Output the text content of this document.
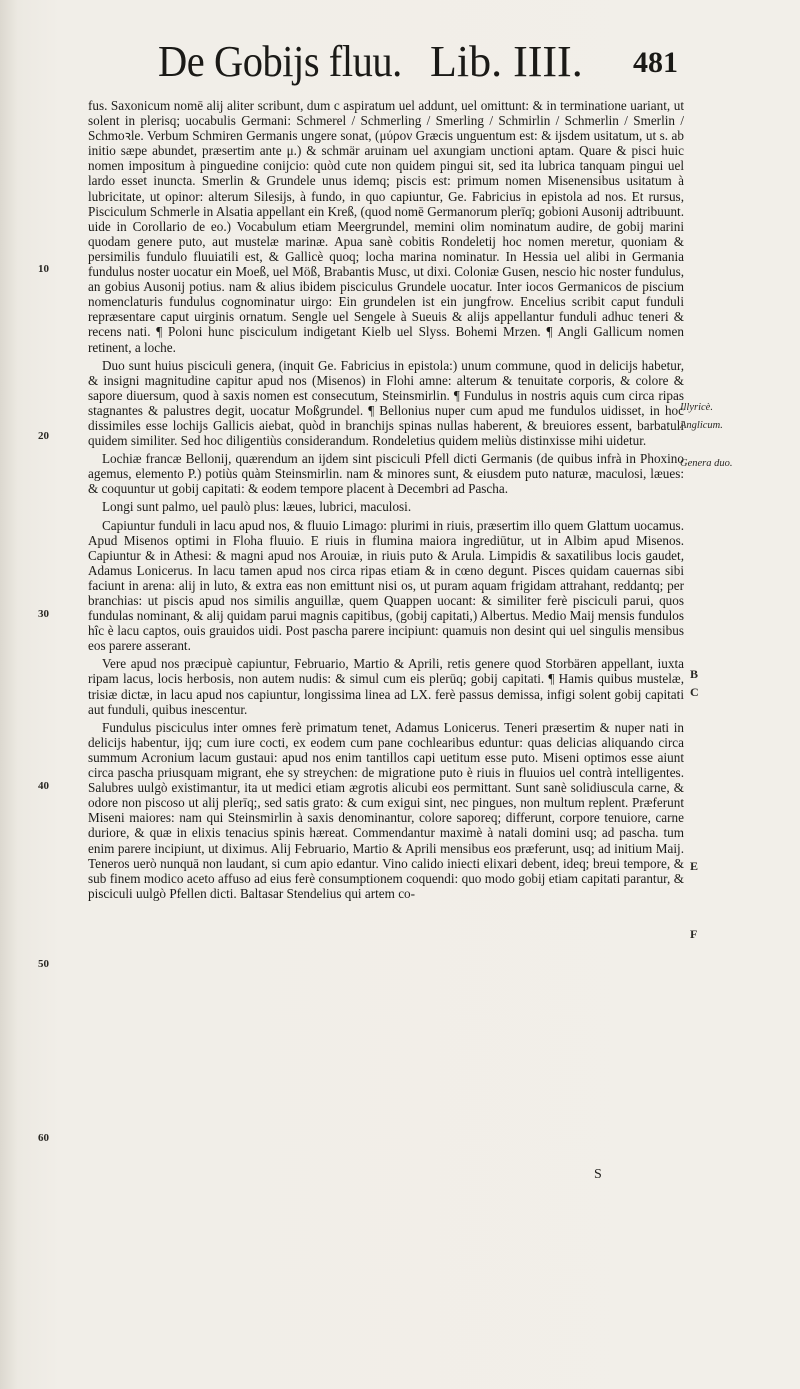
De Gobijs fluu. Lib. IIII. 481

fus. Saxonicum nomē alij aliter scribunt, dum c aspiratum uel addunt, uel omittunt: & in terminatione uariant, ut solent in plerisq; uocabulis Germani: Schmerel / Schmerling / Smerling / Schmirlin / Schmerlin / Smerlin / Schmoꝛle. Verbum Schmiren Germanis ungere sonat, (μύρον Græcis unguentum est: & ijsdem usitatum, ut s. ab initio sæpe abundet, præsertim ante μ.) & schmär aruinam uel axungiam unctioni aptam. Quare & pisci huic nomen impositum à pinguedine conijcio: quòd cute non quidem pingui sit, sed ita lubrica tanquam pingui uel lardo esset inuncta. Smerlin & Grundele unus idemq; piscis est: primum nomen Misenensibus usitatum à lubricitate, ut opinor: alterum Silesijs, à fundo, in quo capiuntur, Ge. Fabricius in epistola ad nos. Et rursus, Pisciculum Schmerle in Alsatia appellant ein Kreß, (quod nomē Germanorum plerīq; gobioni Ausonij adtribuunt. uide in Corollario de eo.) Vocabulum etiam Meergrundel, memini olim nominatum audire, de gobij marini quodam genere puto, aut mustelæ marinæ. Apua sanè cobitis Rondeletij hoc nomen meretur, quoniam & persimilis fundulo fluuiatili est, & Gallicè quoq; locha marina nominatur. In Hessia uel alibi in Germania fundulus noster uocatur ein Moeß, uel Möß, Brabantis Musc, ut dixi. Coloniæ Gusen, nescio hic noster fundulus, an gobius Ausonij potius. nam & alius ibidem pisciculus Grundele uocatur. Inter iocos Germanicos de piscium nomenclaturis fundulus cognominatur uirgo: Ein grundelen ist ein jungfrow. Encelius scribit caput funduli repræsentare caput uirginis ornatum. Sengle uel Sengele à Sueuis & alijs appellantur funduli adhuc teneri & recens nati. ¶ Poloni hunc pisciculum indigetant Kielb uel Slyss. Bohemi Mrzen. ¶ Angli Gallicum nomen retinent, a loche.

Duo sunt huius pisciculi genera, (inquit Ge. Fabricius in epistola:) unum commune, quod in delicijs habetur, & insigni magnitudine capitur apud nos (Misenos) in Flohi amne: alterum & tenuitate corporis, & colore & sapore diuersum, quod à saxis nomen est consecutum, Steinsmirlin. ¶ Fundulus in nostris aquis cum circa ripas stagnantes & palustres degit, uocatur Moßgrundel. ¶ Bellonius nuper cum apud me fundulos uidisset, in hoc dissimiles esse lochijs Gallicis aiebat, quòd in branchijs spinas nullas haberent, & breuiores essent, barbatuli quidem similiter. Sed hoc diligentiùs considerandum. Rondeletius quidem meliùs distinxisse mihi uidetur.

Lochiæ francæ Bellonij, quærendum an ijdem sint pisciculi Pfell dicti Germanis (de quibus infrà in Phoxino agemus, elemento P.) potiùs quàm Steinsmirlin. nam & minores sunt, & eiusdem puto naturæ, maculosi, læues: & coquuntur ut gobij capitati: & eodem tempore placent à Decembri ad Pascha.

Longi sunt palmo, uel paulò plus: læues, lubrici, maculosi.

Capiuntur funduli in lacu apud nos, & fluuio Limago: plurimi in riuis, præsertim illo quem Glattum uocamus. Apud Misenos optimi in Floha fluuio. E riuis in flumina maiora ingrediūtur, ut in Albim apud Misenos. Capiuntur & in Athesi: & magni apud nos Arouiæ, in riuis puto & Arula. Limpidis & saxatilibus locis gaudet, Adamus Lonicerus. In lacu tamen apud nos circa ripas etiam & in cœno degunt. Pisces quidam cauernas sibi faciunt in arena: alij in luto, & extra eas non emittunt nisi os, ut puram aquam frigidam attrahant, reddantq; per branchias: ut piscis apud nos similis anguillæ, quem Quappen uocant: & similiter ferè pisciculi parui, quos fundulas nominant, & alij quidam parui magnis capitibus, (gobij capitati,) Albertus. Medio Maij mensis fundulos hîc è lacu captos, ouis grauidos uidi. Post pascha parere incipiunt: quamuis non desint qui uel singulis mensibus eos parere asserant.

Vere apud nos præcipuè capiuntur, Februario, Martio & Aprili, retis genere quod Storbären appellant, iuxta ripam lacus, locis herbosis, non autem nudis: & simul cum eis plerūq; gobij capitati. ¶ Hamis quibus mustelæ, trisiæ dictæ, in lacu apud nos capiuntur, longissima linea ad LX. ferè passus demissa, infigi solent gobij capitati aut funduli, quibus inescentur.

Fundulus pisciculus inter omnes ferè primatum tenet, Adamus Lonicerus. Teneri præsertim & nuper nati in delicijs habentur, ijq; cum iure cocti, ex eodem cum pane cochlearibus eduntur: quas delicias aliquando circa summum Acronium lacum gustaui: apud nos enim tantillos capi uetitum esse puto. Miseni optimos esse aiunt circa pascha priusquam migrant, ehe sy streychen: de migratione puto è riuis in fluuios uel contrà intelligentes. Salubres uulgò existimantur, ita ut medici etiam ægrotis alicubi eos permittant. Sunt sanè solidiuscula carne, & odore non piscoso ut alij plerīq;, sed satis grato: & cum exigui sint, nec pingues, non multum replent. Præferunt Miseni maiores: nam qui Steinsmirlin à saxis denominantur, colore saporeq; differunt, corpore tenuiore, carne duriore, & quæ in elixis tenacius spinis hæreat. Commendantur maximè à natali domini usq; ad pascha. tum enim parere incipiunt, ut diximus. Alij Februario, Martio & Aprili mensibus eos præferunt, usq; ad initium Maij. Teneros uerò nunquā non laudant, si cum apio edantur. Vino calido iniecti elixari debent, ideq; breui tempore, & sub finem modico aceto affuso ad eius ferè consumptionem coquendi: quo modo gobij etiam capitati parantur, & pisciculi uulgò Pfellen dicti. Baltasar Stendelius qui artem co-

10
20
30
40
50
60
Illyricè.
Anglicum.
Genera duo.
B
C
E
F
S
